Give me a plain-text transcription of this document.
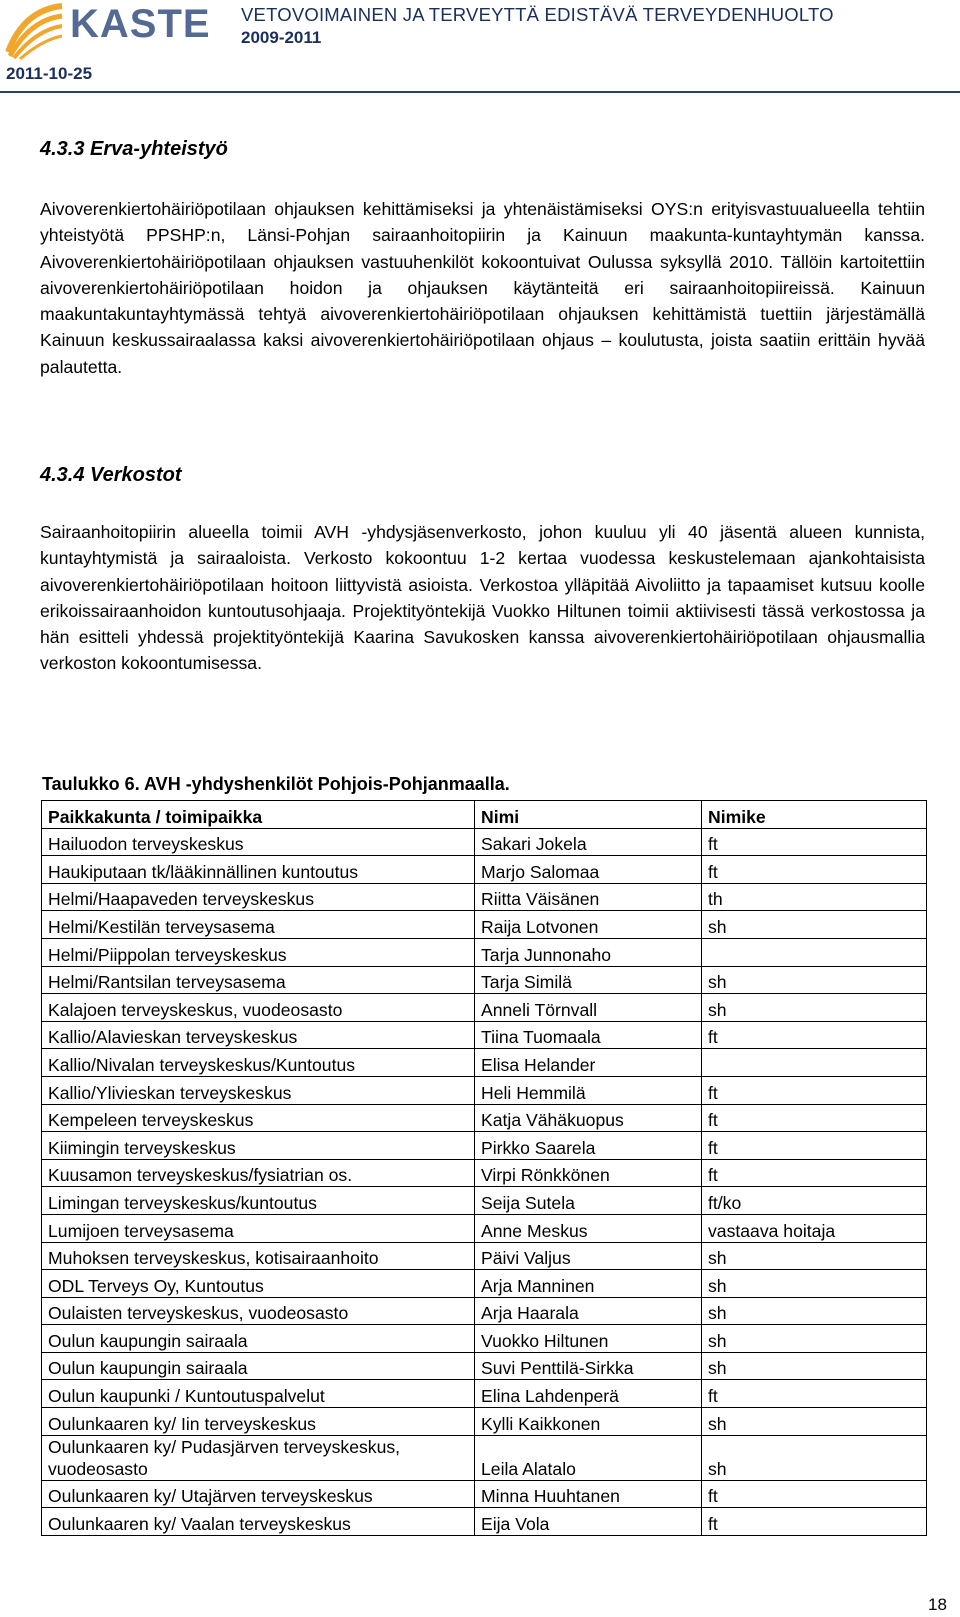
KASTE
2011-10-25
VETOVOIMAINEN JA TERVEYTTÄ EDISTÄVÄ TERVEYDENHUOLTO
2009-2011
4.3.3 Erva-yhteistyö

Aivoverenkiertohäiriöpotilaan ohjauksen kehittämiseksi ja yhtenäistämiseksi OYS:n erityisvastuualueella tehtiin yhteistyötä PPSHP:n, Länsi-Pohjan sairaanhoitopiirin ja Kainuun maakunta-kuntayhtymän kanssa. Aivoverenkiertohäiriöpotilaan ohjauksen vastuuhenkilöt kokoontuivat Oulussa syksyllä 2010. Tällöin kartoitettiin aivoverenkiertohäiriöpotilaan hoidon ja ohjauksen käytänteitä eri sairaanhoitopiireissä. Kainuun maakuntakuntayhtymässä tehtyä aivoverenkiertohäiriöpotilaan ohjauksen kehittämistä tuettiin järjestämällä Kainuun keskussairaalassa kaksi aivoverenkiertohäiriöpotilaan ohjaus – koulutusta, joista saatiin erittäin hyvää palautetta.

4.3.4 Verkostot

Sairaanhoitopiirin alueella toimii AVH -yhdysjäsenverkosto, johon kuuluu yli 40 jäsentä alueen kunnista, kuntayhtymistä ja sairaaloista. Verkosto kokoontuu 1-2 kertaa vuodessa keskustelemaan ajankohtaisista aivoverenkiertohäiriöpotilaan hoitoon liittyvistä asioista. Verkostoa ylläpitää Aivoliitto ja tapaamiset kutsuu koolle erikoissairaanhoidon kuntoutusohjaaja. Projektityöntekijä Vuokko Hiltunen toimii aktiivisesti tässä verkostossa ja hän esitteli yhdessä projektityöntekijä Kaarina Savukosken kanssa aivoverenkiertohäiriöpotilaan ohjausmallia verkoston kokoontumisessa.

Taulukko 6. AVH -yhdyshenkilöt Pohjois-Pohjanmaalla.

Paikkakunta / toimipaikka	Nimi	Nimike
Hailuodon terveyskeskus	Sakari Jokela	ft
Haukiputaan tk/lääkinnällinen kuntoutus	Marjo Salomaa	ft
Helmi/Haapaveden terveyskeskus	Riitta Väisänen	th
Helmi/Kestilän terveysasema	Raija Lotvonen	sh
Helmi/Piippolan terveyskeskus	Tarja Junnonaho	
Helmi/Rantsilan terveysasema	Tarja Similä	sh
Kalajoen terveyskeskus, vuodeosasto	Anneli Törnvall	sh
Kallio/Alavieskan terveyskeskus	Tiina Tuomaala	ft
Kallio/Nivalan terveyskeskus/Kuntoutus	Elisa Helander	
Kallio/Ylivieskan terveyskeskus	Heli Hemmilä	ft
Kempeleen terveyskeskus	Katja Vähäkuopus	ft
Kiimingin terveyskeskus	Pirkko Saarela	ft
Kuusamon terveyskeskus/fysiatrian os.	Virpi Rönkkönen	ft
Limingan terveyskeskus/kuntoutus	Seija Sutela	ft/ko
Lumijoen terveysasema	Anne Meskus	vastaava hoitaja
Muhoksen terveyskeskus, kotisairaanhoito	Päivi Valjus	sh
ODL Terveys Oy, Kuntoutus	Arja Manninen	sh
Oulaisten terveyskeskus, vuodeosasto	Arja Haarala	sh
Oulun kaupungin sairaala	Vuokko Hiltunen	sh
Oulun kaupungin sairaala	Suvi Penttilä-Sirkka	sh
Oulun kaupunki / Kuntoutuspalvelut	Elina Lahdenperä	ft
Oulunkaaren ky/ Iin terveyskeskus	Kylli Kaikkonen	sh
Oulunkaaren ky/ Pudasjärven terveyskeskus, vuodeosasto	Leila Alatalo	sh
Oulunkaaren ky/ Utajärven terveyskeskus	Minna Huuhtanen	ft
Oulunkaaren ky/ Vaalan terveyskeskus	Eija Vola	ft
18
